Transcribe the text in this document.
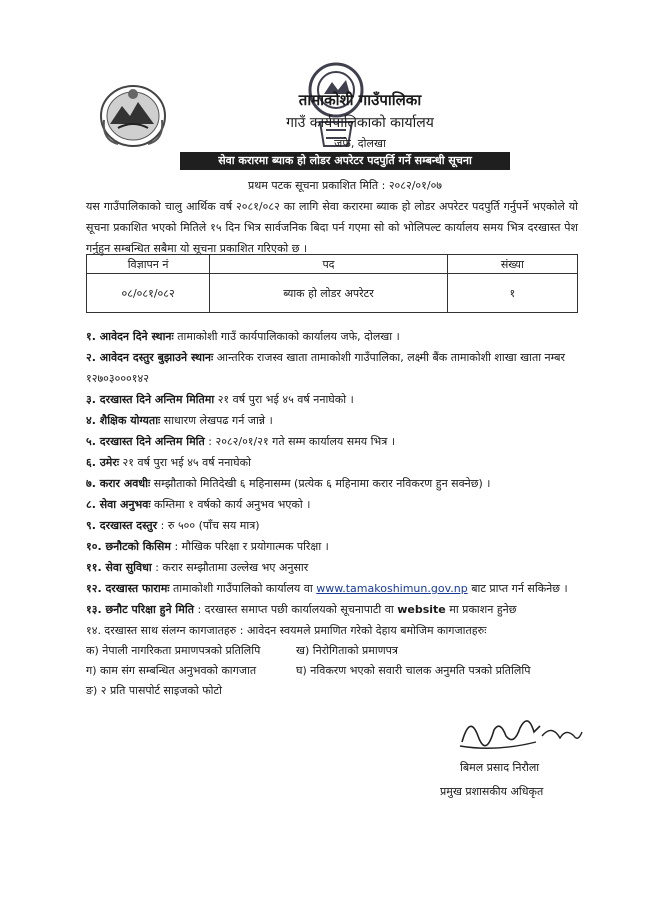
तामाकोशी गाउँपालिका
गाउँ कार्यपालिकाको कार्यालय
जफे, दोलखा
सेवा करारमा ब्याक हो लोडर अपरेटर पदपुर्ति गर्ने सम्बन्धी सूचना
प्रथम पटक सूचना प्रकाशित मिति : २०८२/०१/०७
यस गाउँपालिकाको चालु आर्थिक वर्ष २०८१/०८२ का लागि सेवा करारमा ब्याक हो लोडर अपरेटर पदपुर्ति गर्नुपर्ने भएकोले यो सूचना प्रकाशित भएको मितिले १५ दिन भित्र सार्वजनिक बिदा पर्न गएमा सो को भोलिपल्ट कार्यालय समय भित्र दरखास्त पेश गर्नुहुन सम्बन्धित सबैमा यो सूचना प्रकाशित गरिएको छ ।
विज्ञापन नं	पद	संख्या
०८/०८१/०८२	ब्याक हो लोडर अपरेटर	१

१. आवेदन दिने स्थानः तामाकोशी गाउँ कार्यपालिकाको कार्यालय जफे, दोलखा ।

२. आवेदन दस्तुर बुझाउने स्थानः आन्तरिक राजस्व खाता तामाकोशी गाउँपालिका, लक्ष्मी बैंक तामाकोशी शाखा खाता नम्बर १२७०३०००१४२

३. दरखास्त दिने अन्तिम मितिमा २१ वर्ष पुरा भई ४५ वर्ष ननाघेको ।

४. शैक्षिक योग्यताः साधारण लेखपढ गर्न जान्ने ।

५. दरखास्त दिने अन्तिम मिति : २०८२/०१/२१ गते सम्म कार्यालय समय भित्र ।

६. उमेरः २१ वर्ष पुरा भई ४५ वर्ष ननाघेको

७. करार अवधीः सम्झौताको मितिदेखी ६ महिनासम्म (प्रत्येक ६ महिनामा करार नविकरण हुन सक्नेछ) ।

८. सेवा अनुभवः कम्तिमा १ वर्षको कार्य अनुभव भएको ।

९. दरखास्त दस्तुर : रु ५०० (पाँच सय मात्र)

१०. छनौटको किसिम : मौखिक परिक्षा र प्रयोगात्मक परिक्षा ।

११. सेवा सुविधा : करार सम्झौतामा उल्लेख भए अनुसार

१२. दरखास्त फारामः तामाकोशी गाउँपालिको कार्यालय वा www.tamakoshimun.gov.np बाट प्राप्त गर्न सकिनेछ ।

१३. छनौट परिक्षा हुने मिति : दरखास्त समाप्त पछी कार्यालयको सूचनापाटी वा website मा प्रकाशन हुनेछ

१४. दरखास्त साथ संलग्न कागजातहरु : आवेदन स्वयमले प्रमाणित गरेको देहाय बमोजिम कागजातहरुः

क) नेपाली नागरिकता प्रमाणपत्रको प्रतिलिपि	ख) निरोगिताको प्रमाणपत्र
ग) काम संग सम्बन्धित अनुभवको कागजात	घ) नविकरण भएको सवारी चालक अनुमति पत्रको प्रतिलिपि
ङ) २ प्रति पासपोर्ट साइजको फोटो
बिमल प्रसाद निरौला
प्रमुख प्रशासकीय अधिकृत
